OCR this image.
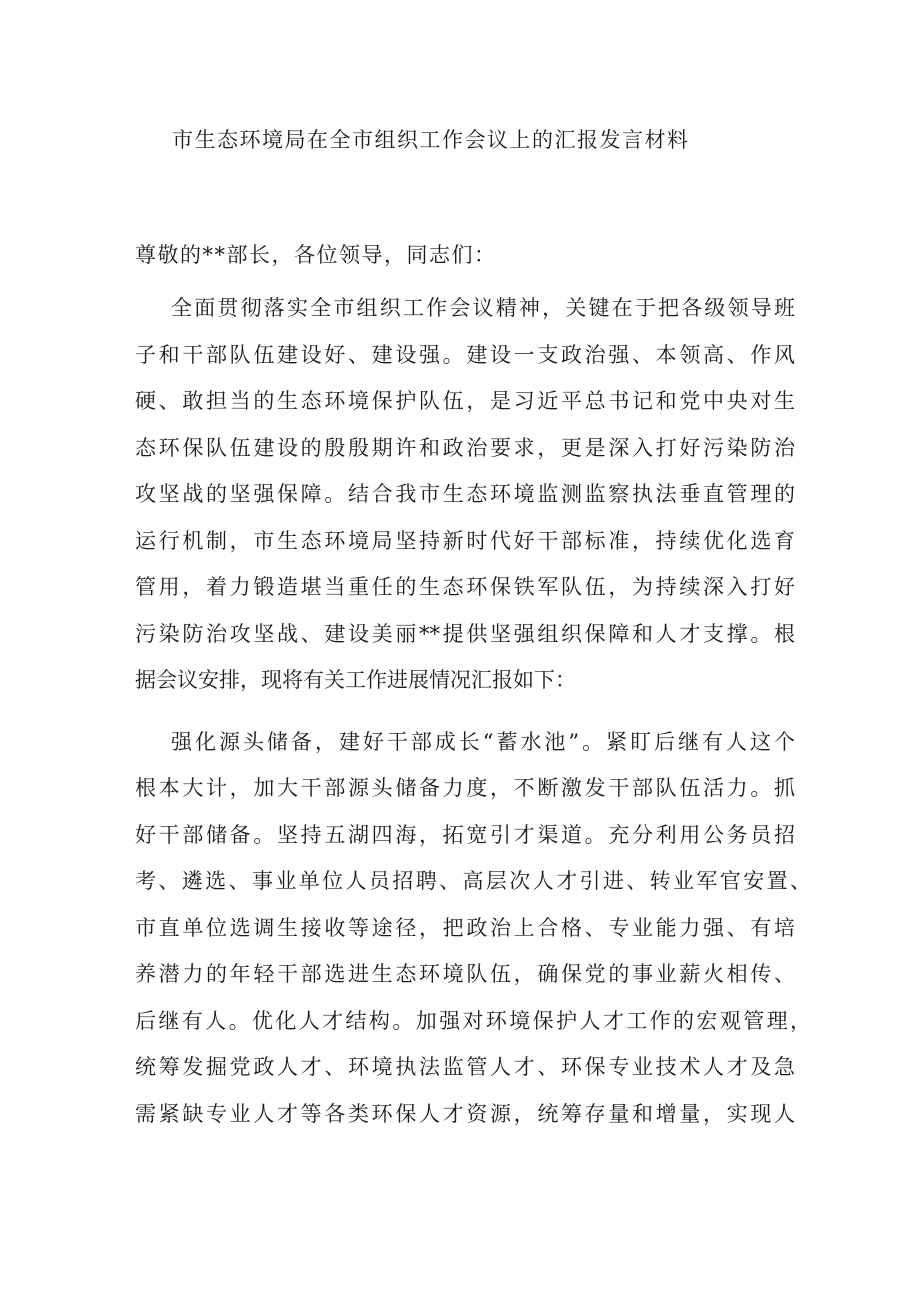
市生态环境局在全市组织工作会议上的汇报发言材料
尊敬的**部长，各位领导，同志们：
全面贯彻落实全市组织工作会议精神，关键在于把各级领导班
子和干部队伍建设好、建设强。建设一支政治强、本领高、作风
硬、敢担当的生态环境保护队伍，是习近平总书记和党中央对生
态环保队伍建设的殷殷期许和政治要求，更是深入打好污染防治
攻坚战的坚强保障。结合我市生态环境监测监察执法垂直管理的
运行机制，市生态环境局坚持新时代好干部标准，持续优化选育
管用，着力锻造堪当重任的生态环保铁军队伍，为持续深入打好
污染防治攻坚战、建设美丽**提供坚强组织保障和人才支撑。根
据会议安排，现将有关工作进展情况汇报如下：
强化源头储备，建好干部成长“蓄水池”。紧盯后继有人这个
根本大计，加大干部源头储备力度，不断激发干部队伍活力。抓
好干部储备。坚持五湖四海，拓宽引才渠道。充分利用公务员招
考、遴选、事业单位人员招聘、高层次人才引进、转业军官安置、
市直单位选调生接收等途径，把政治上合格、专业能力强、有培
养潜力的年轻干部选进生态环境队伍，确保党的事业薪火相传、
后继有人。优化人才结构。加强对环境保护人才工作的宏观管理，
统筹发掘党政人才、环境执法监管人才、环保专业技术人才及急
需紧缺专业人才等各类环保人才资源，统筹存量和增量，实现人
